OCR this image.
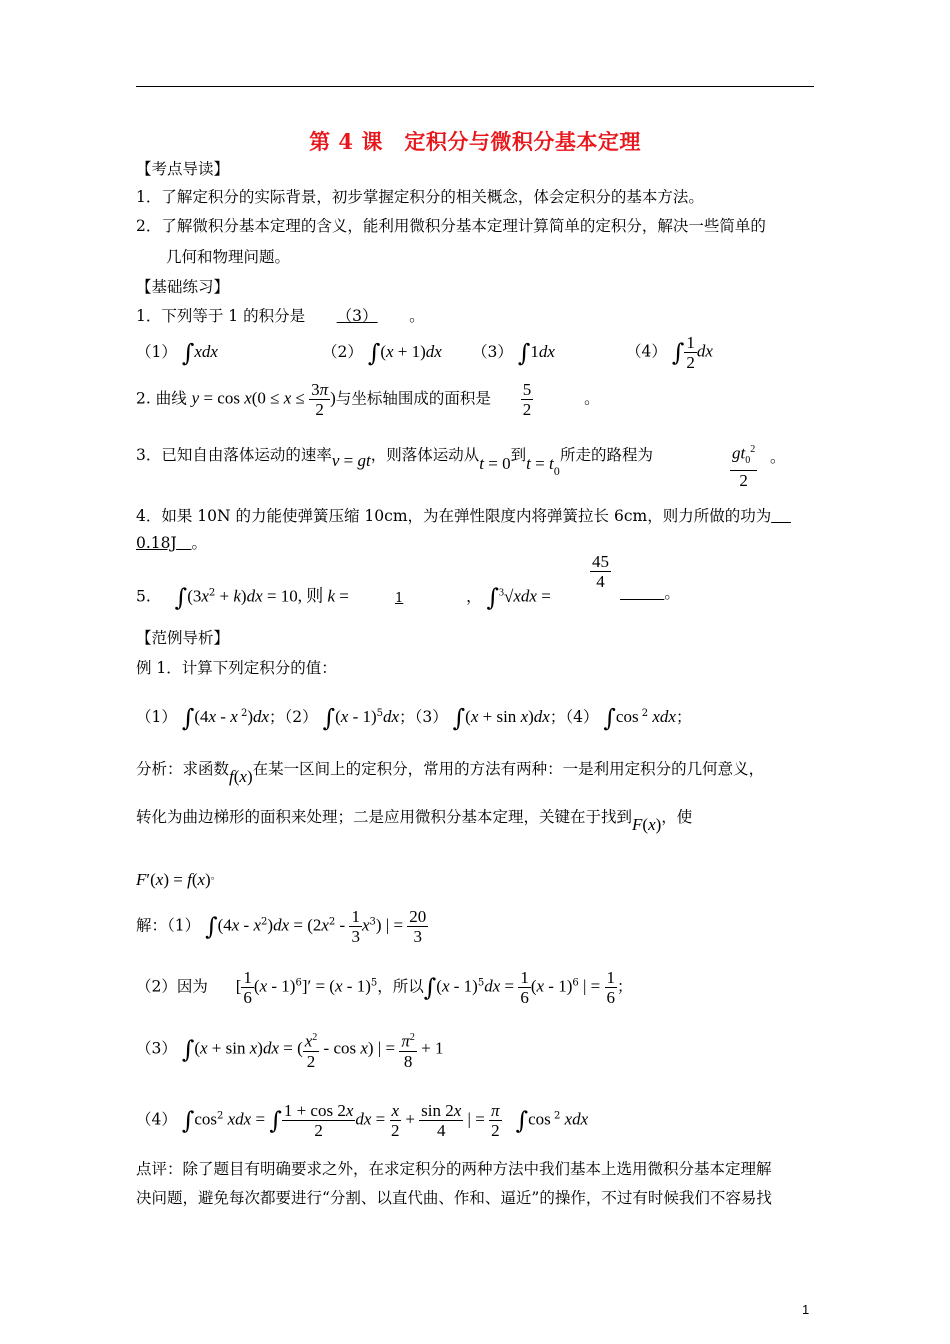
第 4 课　定积分与微积分基本定理
【考点导读】
1．了解定积分的实际背景，初步掌握定积分的相关概念，体会定积分的基本方法。
2．了解微积分基本定理的含义，能利用微积分基本定理计算简单的定积分，解决一些简单的
几何和物理问题。
【基础练习】
1．下列等于 1 的积分是 （3） 。
（1） ∫xdx	（2） ∫(x + 1)dx （3） ∫1dx	（4） ∫ $\frac{1}{2}$ dx
2. 曲线 $y = \cos x(0 \le x \le \frac{3\pi}{2}$ )与坐标轴围成的面积是 $\frac{5}{2}$	。
3．已知自由落体运动的速率v = gt，则落体运动从t = 0到$t = t_0$所走的路程为	$\frac{gt_0^2}{2}$ 。
4．如果 10N 的力能使弹簧压缩 10cm，为在弹性限度内将弹簧拉长 6cm，则力所做的功为
0.18J 。
5. $\int(3x^2 + k)dx = 10$, 则 k =	1	， ∫$^3$√xdx =
$\frac{45}{4}$
。
【范例导析】
例 1．计算下列定积分的值：
（1） ∫(4x - x $^2$)dx；（2） ∫(x - 1)$^5$dx；（3） ∫(x + sin x)dx；（4） ∫cos $^2$ xdx；
分析：求函数f(x)在某一区间上的定积分，常用的方法有两种：一是利用定积分的几何意义，
转化为曲边梯形的面积来处理；二是应用微积分基本定理，关键在于找到F(x)，使
F′(x) = f(x)。
解：（1） $\int(4x - x^2)dx = (2x^2 - \frac{1}{3} x^3)$ | = $\frac{20}{3}$
（2）因为 [ $\frac{1}{6} (x - 1)^6]' = (x - 1)^5$，所以$\int(x - 1)^5dx = \frac{1}{6} (x - 1)^6$ | = $\frac{1}{6}$ ；
（3） ∫(x + sin x)dx = ( $\frac{x^2}{2}$ - cos x) | = $\frac{\pi^2}{8} + 1$
（4） $\int\cos^2$ xdx = ∫ $\frac{1 + \cos 2x}{2}$ dx = $\frac{x}{2} + \frac{\sin 2x}{4}$ | = $\frac{\pi}{2} \int\cos$ $^2$ xdx
点评：除了题目有明确要求之外，在求定积分的两种方法中我们基本上选用微积分基本定理解
决问题，避免每次都要进行“分割、以直代曲、作和、逼近”的操作，不过有时候我们不容易找
1
